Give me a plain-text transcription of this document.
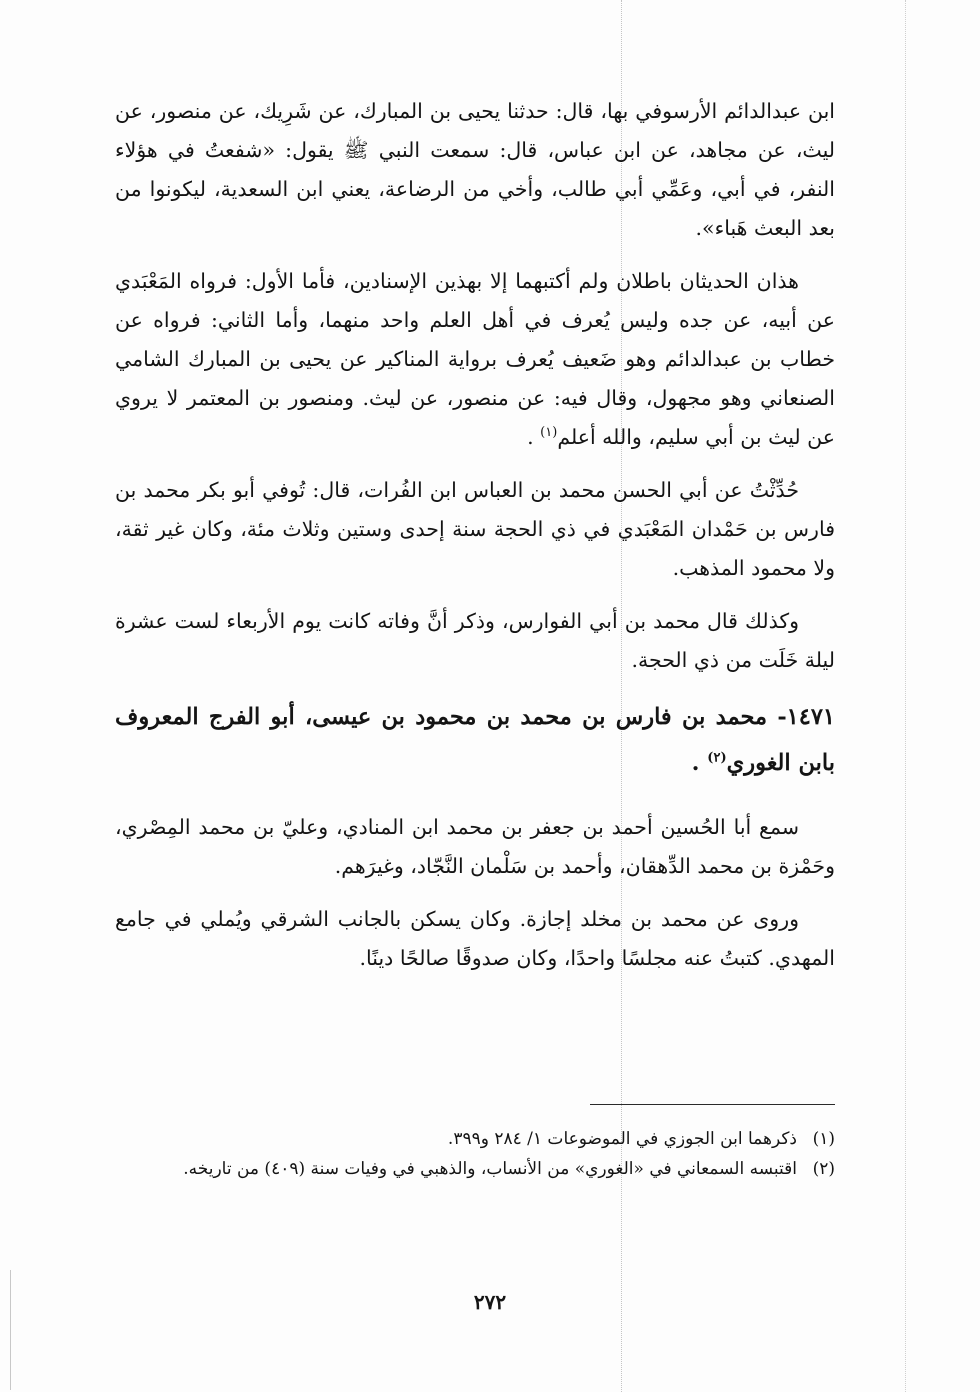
ابن عبدالدائم الأرسوفي بها، قال: حدثنا يحيى بن المبارك، عن شَرِيك، عن منصور، عن ليث، عن مجاهد، عن ابن عباس، قال: سمعت النبي ﷺ يقول: «شفعتُ في هؤلاء النفر، في أبي، وعَمِّي أبي طالب، وأخي من الرضاعة، يعني ابن السعدية، ليكونوا من بعد البعث هَباء».

هذان الحديثان باطلان ولم أكتبهما إلا بهذين الإسنادين، فأما الأول: فرواه المَعْبَدي عن أبيه، عن جده وليس يُعرف في أهل العلم واحد منهما، وأما الثاني: فرواه عن خطاب بن عبدالدائم وهو ضَعيف يُعرف برواية المناكير عن يحيى بن المبارك الشامي الصنعاني وهو مجهول، وقال فيه: عن منصور، عن ليث. ومنصور بن المعتمر لا يروي عن ليث بن أبي سليم، والله أعلم$^{(١)}$ .

حُدِّثْتُ عن أبي الحسن محمد بن العباس ابن الفُرات، قال: تُوفي أبو بكر محمد بن فارس بن حَمْدان المَعْبَدي في ذي الحجة سنة إحدى وستين وثلاث مئة، وكان غير ثقة، ولا محمود المذهب.

وكذلك قال محمد بن أبي الفوارس، وذكر أنَّ وفاته كانت يوم الأربعاء لست عشرة ليلة خَلَت من ذي الحجة.

١٤٧١- محمد بن فارس بن محمد بن محمود بن عيسى، أبو الفرج المعروف بابن الغوري$^{(٢)}$ .

سمع أبا الحُسين أحمد بن جعفر بن محمد ابن المنادي، وعليّ بن محمد المِصْري، وحَمْزة بن محمد الدِّهقان، وأحمد بن سَلْمان النَّجّاد، وغيرَهم.

وروى عن محمد بن مخلد إجازة. وكان يسكن بالجانب الشرقي ويُملي في جامع المهدي. كتبتُ عنه مجلسًا واحدًا، وكان صدوقًا صالحًا دينًا.

(١)
ذكرهما ابن الجوزي في الموضوعات ١/ ٢٨٤ و٣٩٩.
(٢)
اقتبسه السمعاني في «الغوري» من الأنساب، والذهبي في وفيات سنة (٤٠٩) من تاريخه.
٢٧٢
